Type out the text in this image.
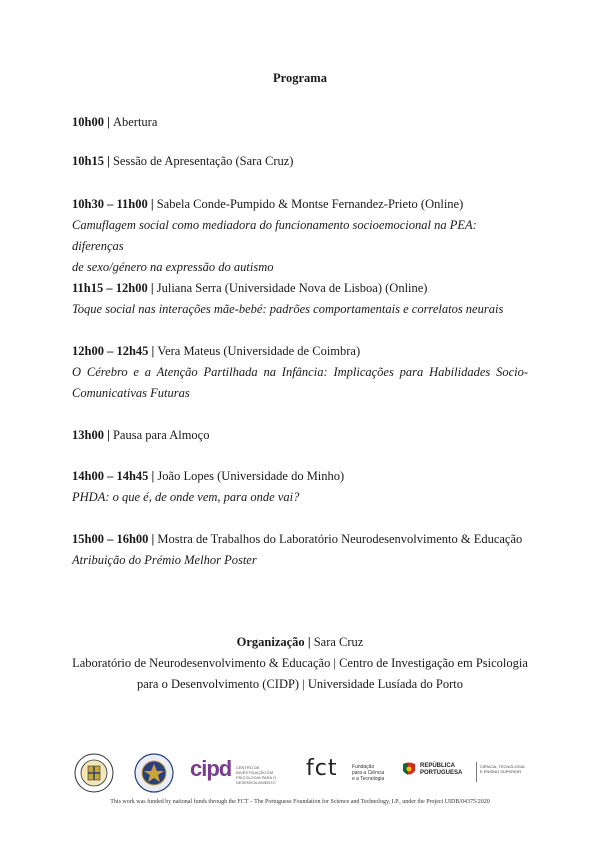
Programa
10h00 | Abertura
10h15 | Sessão de Apresentação (Sara Cruz)
10h30 – 11h00 | Sabela Conde-Pumpido & Montse Fernandez-Prieto (Online)
Camuflagem social como mediadora do funcionamento socioemocional na PEA: diferenças
de sexo/género na expressão do autismo
11h15 – 12h00 | Juliana Serra (Universidade Nova de Lisboa) (Online)
Toque social nas interações mãe-bebé: padrões comportamentais e correlatos neurais
12h00 – 12h45 | Vera Mateus (Universidade de Coimbra)
O Cérebro e a Atenção Partilhada na Infância: Implicações para Habilidades Socio-
Comunicativas Futuras
13h00 | Pausa para Almoço
14h00 – 14h45 | João Lopes (Universidade do Minho)
PHDA: o que é, de onde vem, para onde vai?
15h00 – 16h00 | Mostra de Trabalhos do Laboratório Neurodesenvolvimento & Educação
Atribuição do Prémio Melhor Poster
Organização | Sara Cruz
Laboratório de Neurodesenvolvimento & Educação | Centro de Investigação em Psicologia
para o Desenvolvimento (CIDP) | Universidade Lusíada do Porto
cipd CENTRO DE INVESTIGAÇÃO EM PSICOLOGIA PARA O DESENVOLVIMENTO
fct	Fundação
para a Ciência
e a Tecnologia
REPÚBLICA
PORTUGUESA
CIÊNCIA, TECNOLOGIA E ENSINO SUPERIOR
This work was funded by national funds through the FCT – The Portuguese Foundation for Science and Technology, I.P., under the Project UIDB/04375/2020
